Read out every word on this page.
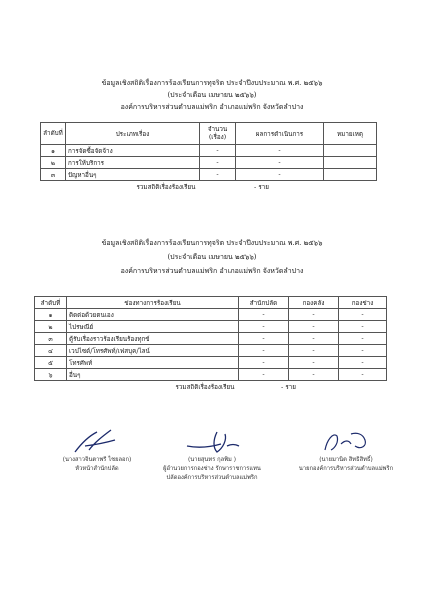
ข้อมูลเชิงสถิติเรื่องการร้องเรียนการทุจริต ประจำปีงบประมาณ พ.ศ. ๒๕๖๖
(ประจำเดือน เมษายน ๒๕๖๖)
องค์การบริหารส่วนตำบลแม่พริก อำเภอแม่พริก จังหวัดลำปาง
ลำดับที่	ประเภทเรื่อง	จำนวน (เรื่อง)	ผลการดำเนินการ	หมายเหตุ
๑	การจัดซื้อจัดจ้าง	-	-	
๒	การให้บริการ	-	-	
๓	ปัญหาอื่นๆ	-	-	
รวมสถิติเรื่องร้องเรียน		- ราย		
ข้อมูลเชิงสถิติเรื่องการร้องเรียนการทุจริต ประจำปีงบประมาณ พ.ศ. ๒๕๖๖
(ประจำเดือน เมษายน ๒๕๖๖)
องค์การบริหารส่วนตำบลแม่พริก อำเภอแม่พริก จังหวัดลำปาง
ลำดับที่	ช่องทางการร้องเรียน	สำนักปลัด	กองคลัง	กองช่าง
๑	ติดต่อด้วยตนเอง	-	-	-
๒	ไปรษณีย์	-	-	-
๓	ตู้รับเรื่องราวร้องเรียนร้องทุกข์	-	-	-
๔	เวปไซด์/โทรศัพท์/เฟสบุค/ไลน์	-	-	-
๕	โทรศัพท์	-	-	-
๖	อื่นๆ	-	-	-
รวมสถิติเรื่องร้องเรียน		- ราย		
(นางสาวจินตาพรี ไชยลอก)
หัวหน้าสำนักปลัด
(นายสุนทร กุลพิม )
ผู้อำนวยการกองช่าง รักษาราชการแทน
ปลัดองค์การบริหารส่วนตำบลแม่พริก
(นายมานิต สิทธิสิทธิ์)
นายกองค์การบริหารส่วนตำบลแม่พริก
